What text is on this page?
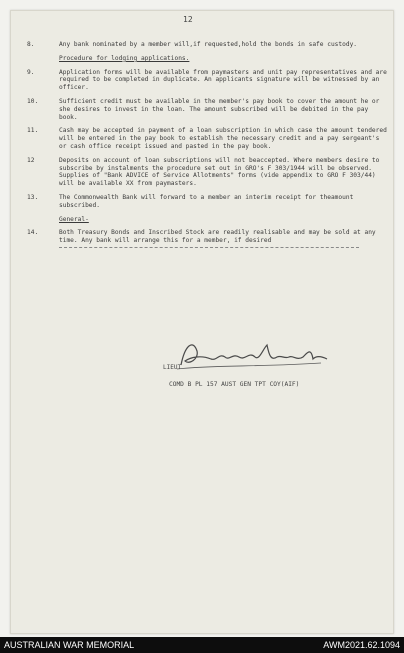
12
8.	Any bank nominated by a member will,if requested,hold the bonds in safe custody.
Procedure for lodging applications.
9.	Application forms will be available from paymasters and unit pay representatives and are required to be completed in duplicate. An applicants signature will be witnessed by an officer.
10.	Sufficient credit must be available in the member's pay book to cover the amount he or she desires to invest in the loan. The amount subscribed will be debited in the pay book.
11.	Cash may be accepted in payment of a loan subscription in which case the amount tendered will be entered in the pay book to establish the necessary credit and a pay sergeant's or cash office receipt issued and pasted in the pay book.
12	Deposits on account of loan subscriptions will not beaccepted. Where members desire to subscribe by instalments the procedure set out in GRO's F 303/1944 will be observed. Supplies of "Bank ADVICE of Service Allotments" forms (vide appendix to GRO F 303/44) will be available XX from paymasters.
13.	The Commonwealth Bank will forward to a member an interim receipt for theamount subscribed.
General-
14.	Both Treasury Bonds and Inscribed Stock are readily realisable and may be sold at any time. Any bank will arrange this for a member, if desired
LIEUT
COMD B PL 157 AUST GEN TPT COY(AIF)
AUSTRALIAN WAR MEMORIAL	AWM2021.62.1094
